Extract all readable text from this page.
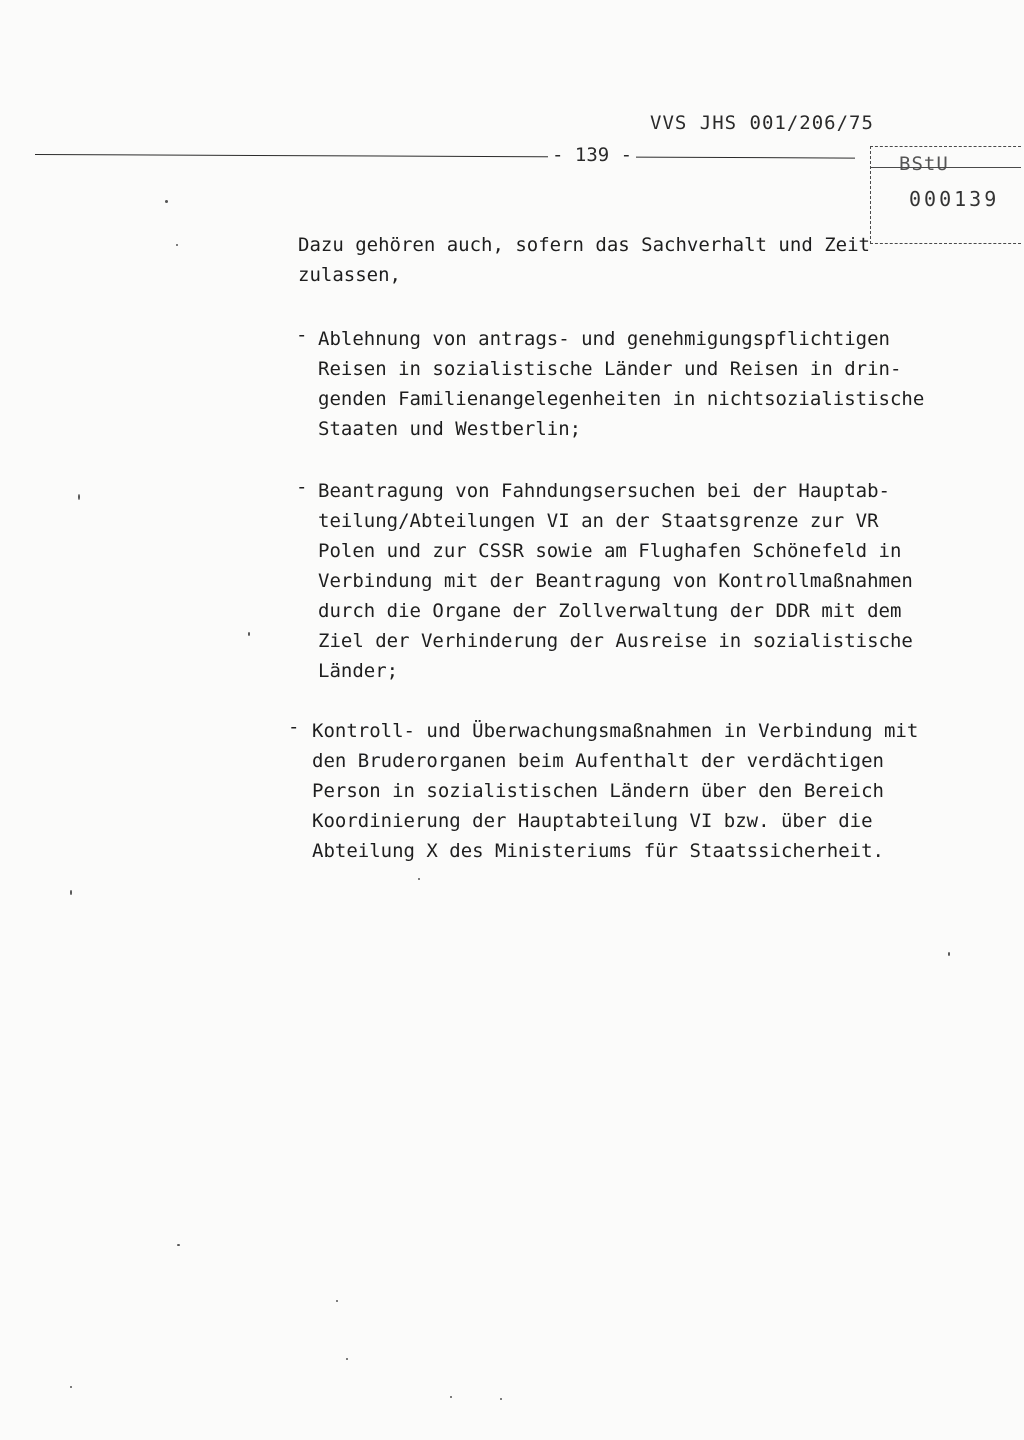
VVS JHS 001/206/75
- 139 -	BStU
000139
Dazu gehören auch, sofern das Sachverhalt und Zeit
zulassen,
- Ablehnung von antrags- und genehmigungspflichtigen
Reisen in sozialistische Länder und Reisen in drin-
genden Familienangelegenheiten in nichtsozialistische
Staaten und Westberlin;
- Beantragung von Fahndungsersuchen bei der Hauptab-
teilung/Abteilungen VI an der Staatsgrenze zur VR
Polen und zur CSSR sowie am Flughafen Schönefeld in
Verbindung mit der Beantragung von Kontrollmaßnahmen
durch die Organe der Zollverwaltung der DDR mit dem
Ziel der Verhinderung der Ausreise in sozialistische
Länder;
- Kontroll- und Überwachungsmaßnahmen in Verbindung mit
den Bruderorganen beim Aufenthalt der verdächtigen
Person in sozialistischen Ländern über den Bereich
Koordinierung der Hauptabteilung VI bzw. über die
Abteilung X des Ministeriums für Staatssicherheit.
